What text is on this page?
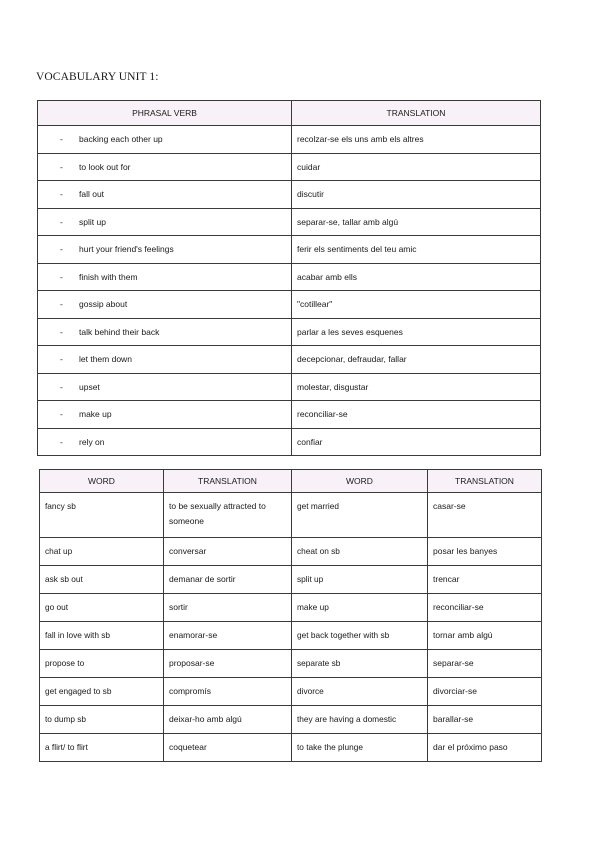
VOCABULARY UNIT 1:
PHRASAL VERB	TRANSLATION
- backing each other up	recolzar-se els uns amb els altres
- to look out for	cuidar
- fall out	discutir
- split up	separar-se, tallar amb algú
- hurt your friend's feelings	ferir els sentiments del teu amic
- finish with them	acabar amb ells
- gossip about	"cotillear"
- talk behind their back	parlar a les seves esquenes
- let them down	decepcionar, defraudar, fallar
- upset	molestar, disgustar
- make up	reconciliar-se
- rely on	confiar
WORD	TRANSLATION	WORD	TRANSLATION
fancy sb	to be sexually attracted to someone	get married	casar-se
chat up	conversar	cheat on sb	posar les banyes
ask sb out	demanar de sortir	split up	trencar
go out	sortir	make up	reconciliar-se
fall in love with sb	enamorar-se	get back together with sb	tornar amb algú
propose to	proposar-se	separate sb	separar-se
get engaged to sb	compromís	divorce	divorciar-se
to dump sb	deixar-ho amb algú	they are having a domestic	barallar-se
a flirt/ to flirt	coquetear	to take the plunge	dar el próximo paso
